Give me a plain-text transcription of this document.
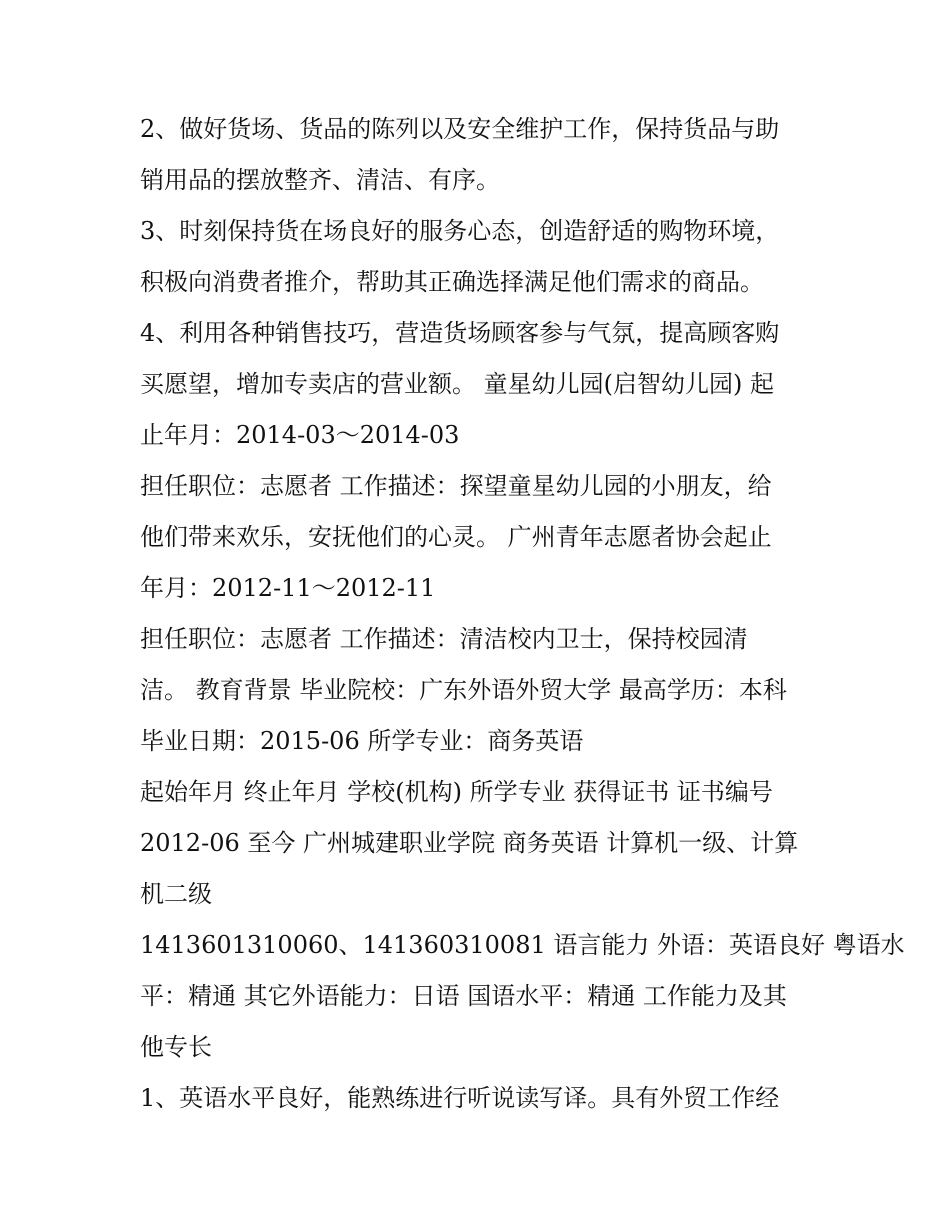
2、做好货场、货品的陈列以及安全维护工作，保持货品与助
销用品的摆放整齐、清洁、有序。
3、时刻保持货在场良好的服务心态，创造舒适的购物环境，
积极向消费者推介，帮助其正确选择满足他们需求的商品。
4、利用各种销售技巧，营造货场顾客参与气氛，提高顾客购
买愿望，增加专卖店的营业额。 童星幼儿园(启智幼儿园) 起
止年月：2014-03～2014-03
担任职位：志愿者 工作描述：探望童星幼儿园的小朋友，给
他们带来欢乐，安抚他们的心灵。 广州青年志愿者协会起止
年月：2012-11～2012-11
担任职位：志愿者 工作描述：清洁校内卫士，保持校园清
洁。 教育背景 毕业院校：广东外语外贸大学 最高学历：本科
毕业日期：2015-06 所学专业：商务英语
起始年月 终止年月 学校(机构) 所学专业 获得证书 证书编号
2012-06 至今 广州城建职业学院 商务英语 计算机一级、计算
机二级
1413601310060、141360310081 语言能力 外语：英语良好 粤语水
平：精通 其它外语能力：日语 国语水平：精通 工作能力及其
他专长
1、英语水平良好，能熟练进行听说读写译。具有外贸工作经
